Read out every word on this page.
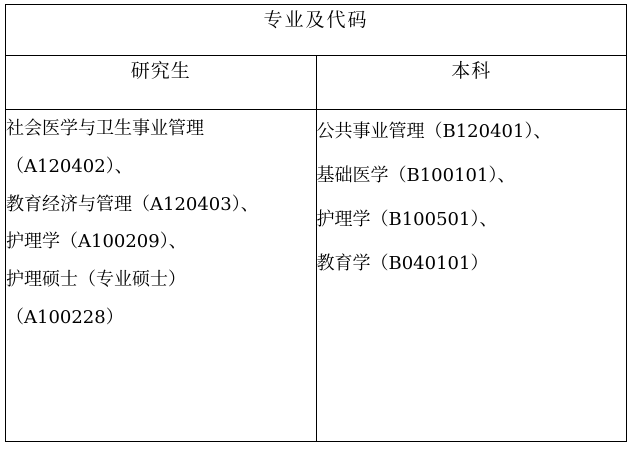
专业及代码	
研究生	本科

社会医学与卫生事业管理
（A120402）、
教育经济与管理（A120403）、
护理学（A100209）、
护理硕士（专业硕士）
（A100228）

公共事业管理（B120401）、
基础医学（B100101）、
护理学（B100501）、
教育学（B040101）
